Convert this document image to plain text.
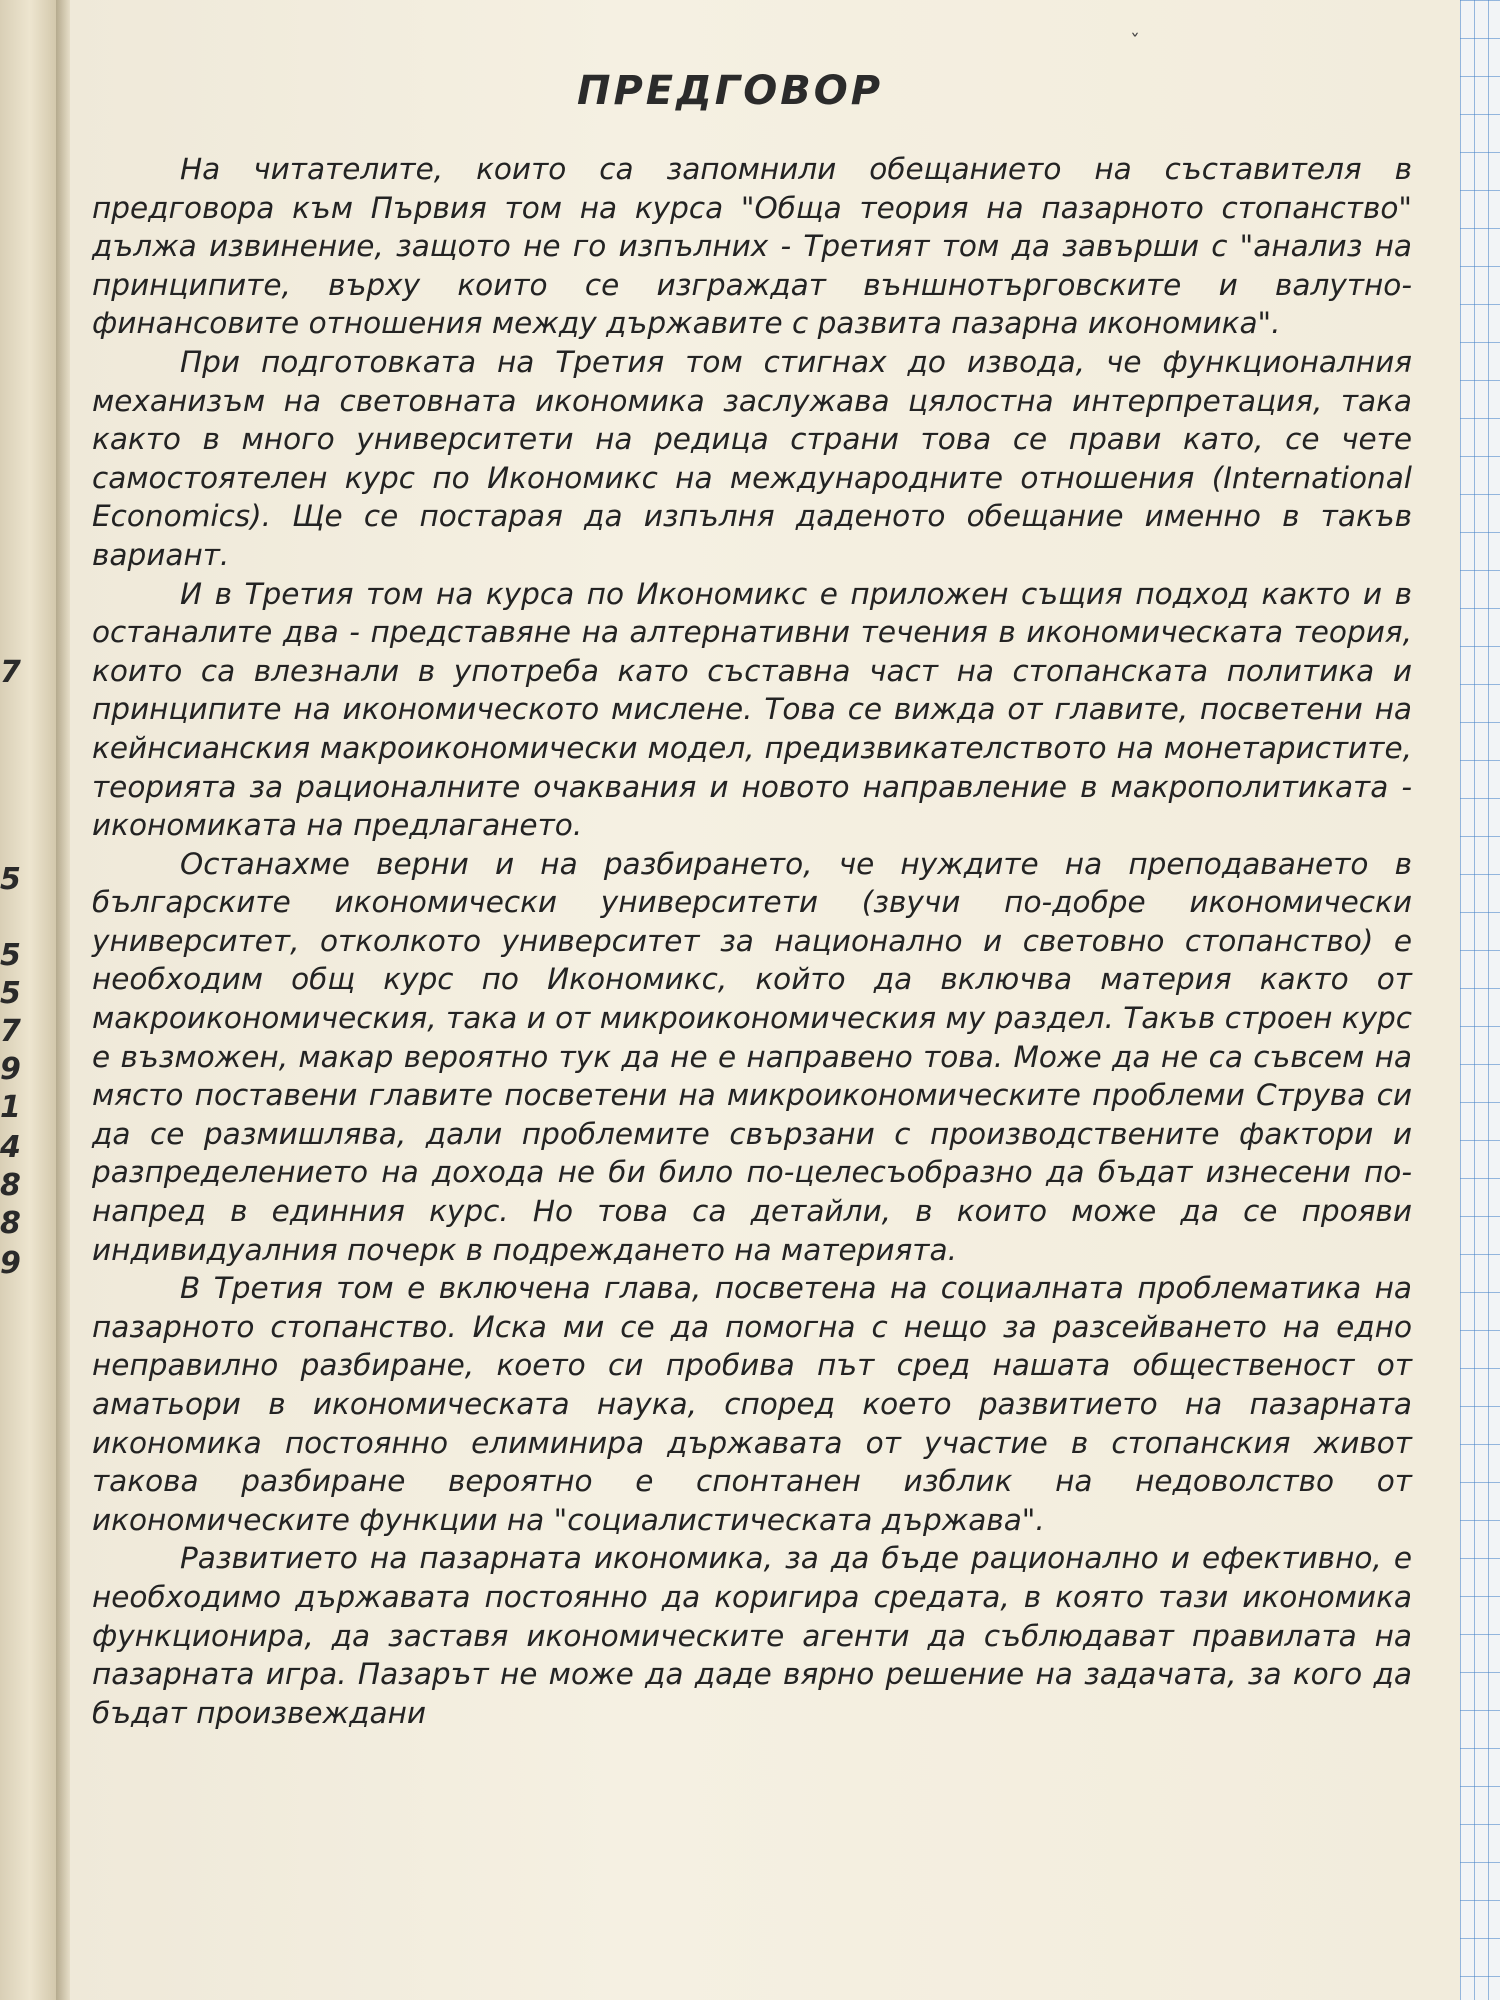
7
5
5
5
7
9
1
4
8
8
9
ˇ
ПРЕДГОВОР

На читателите, които са запомнили обещанието на съставителя в предговора към Първия том на курса "Обща теория на пазарното стопанство" дължа извинение, защото не го изпълних - Третият том да завърши с "анализ на принципите, върху които се изграждат външнотърговските и валутно-финансовите отношения между държавите с развита пазарна икономика".

При подготовката на Третия том стигнах до извода, че функционалния механизъм на световната икономика заслужава цялостна интерпретация, така както в много университети на редица страни това се прави като, се чете самостоятелен курс по Икономикс на международните отношения (International Economics). Ще се постарая да изпълня даденото обещание именно в такъв вариант.

И в Третия том на курса по Икономикс е приложен същия подход както и в останалите два - представяне на алтернативни течения в икономическата теория, които са влезнали в употреба като съставна част на стопанската политика и принципите на икономическото мислене. Това се вижда от главите, посветени на кейнсианския макроикономически модел, предизвикателството на монетаристите, теорията за рационалните очаквания и новото направление в макрополитиката - икономиката на предлагането.

Останахме верни и на разбирането, че нуждите на преподаването в българските икономически университети (звучи по-добре икономически университет, отколкото университет за национално и световно стопанство) е необходим общ курс по Икономикс, който да включва материя както от макроикономическия, така и от микроикономическия му раздел. Такъв строен курс е възможен, макар вероятно тук да не е направено това. Може да не са съвсем на място поставени главите посветени на микроикономическите проблеми Струва си да се размишлява, дали проблемите свързани с производствените фактори и разпределението на дохода не би било по-целесъобразно да бъдат изнесени по-напред в единния курс. Но това са детайли, в които може да се прояви индивидуалния почерк в подреждането на материята.

В Третия том е включена глава, посветена на социалната проблематика на пазарното стопанство. Иска ми се да помогна с нещо за разсейването на едно неправилно разбиране, което си пробива път сред нашата общественост от аматьори в икономическата наука, според което развитието на пазарната икономика постоянно елиминира държавата от участие в стопанския живот такова разбиране вероятно е спонтанен изблик на недоволство от икономическите функции на "социалистическата държава".

Развитието на пазарната икономика, за да бъде рационално и ефективно, е необходимо държавата постоянно да коригира средата, в която тази икономика функционира, да заставя икономическите агенти да съблюдават правилата на пазарната игра. Пазарът не може да даде вярно решение на задачата, за кого да бъдат произвеждани
